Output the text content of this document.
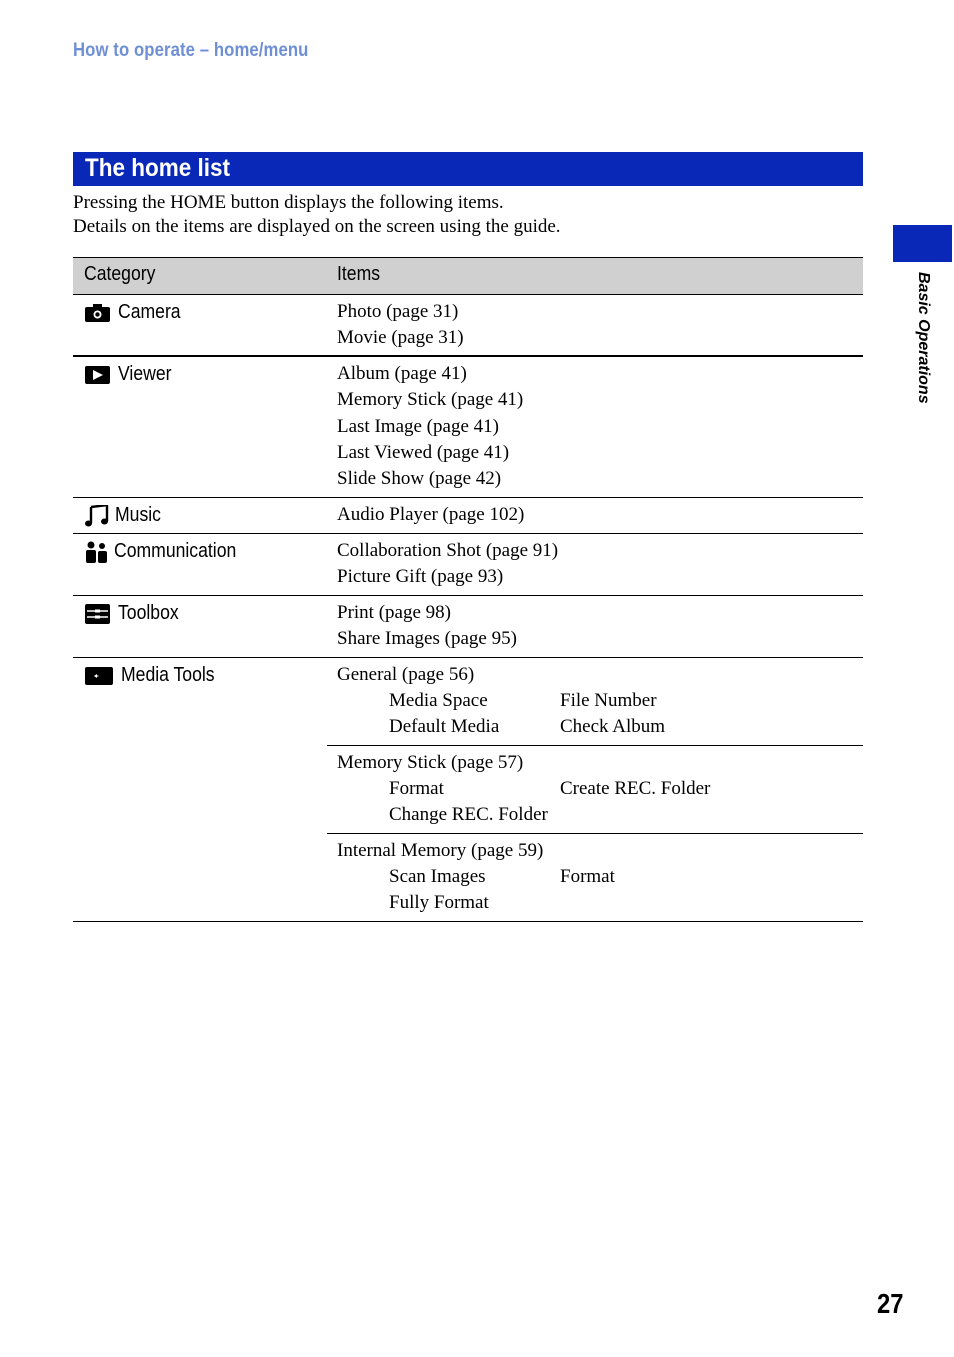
How to operate – home/menu
The home list

Pressing the HOME button displays the following items.

Details on the items are displayed on the screen using the guide.

Basic Operations
Category	Items
Camera	Photo (page 31)
Movie (page 31)
Viewer	Album (page 41)
Memory Stick (page 41)
Last Image (page 41)
Last Viewed (page 41)
Slide Show (page 42)
Music	Audio Player (page 102)
Communication	Collaboration Shot (page 91)
Picture Gift (page 93)
Toolbox	Print (page 98)
Share Images (page 95)
Media Tools	General (page 56)
Media Space	File Number
Default Media	Check Album
Memory Stick (page 57)
Format	Create REC. Folder
Change REC. Folder
Internal Memory (page 59)
Scan Images	Format
Fully Format
27
